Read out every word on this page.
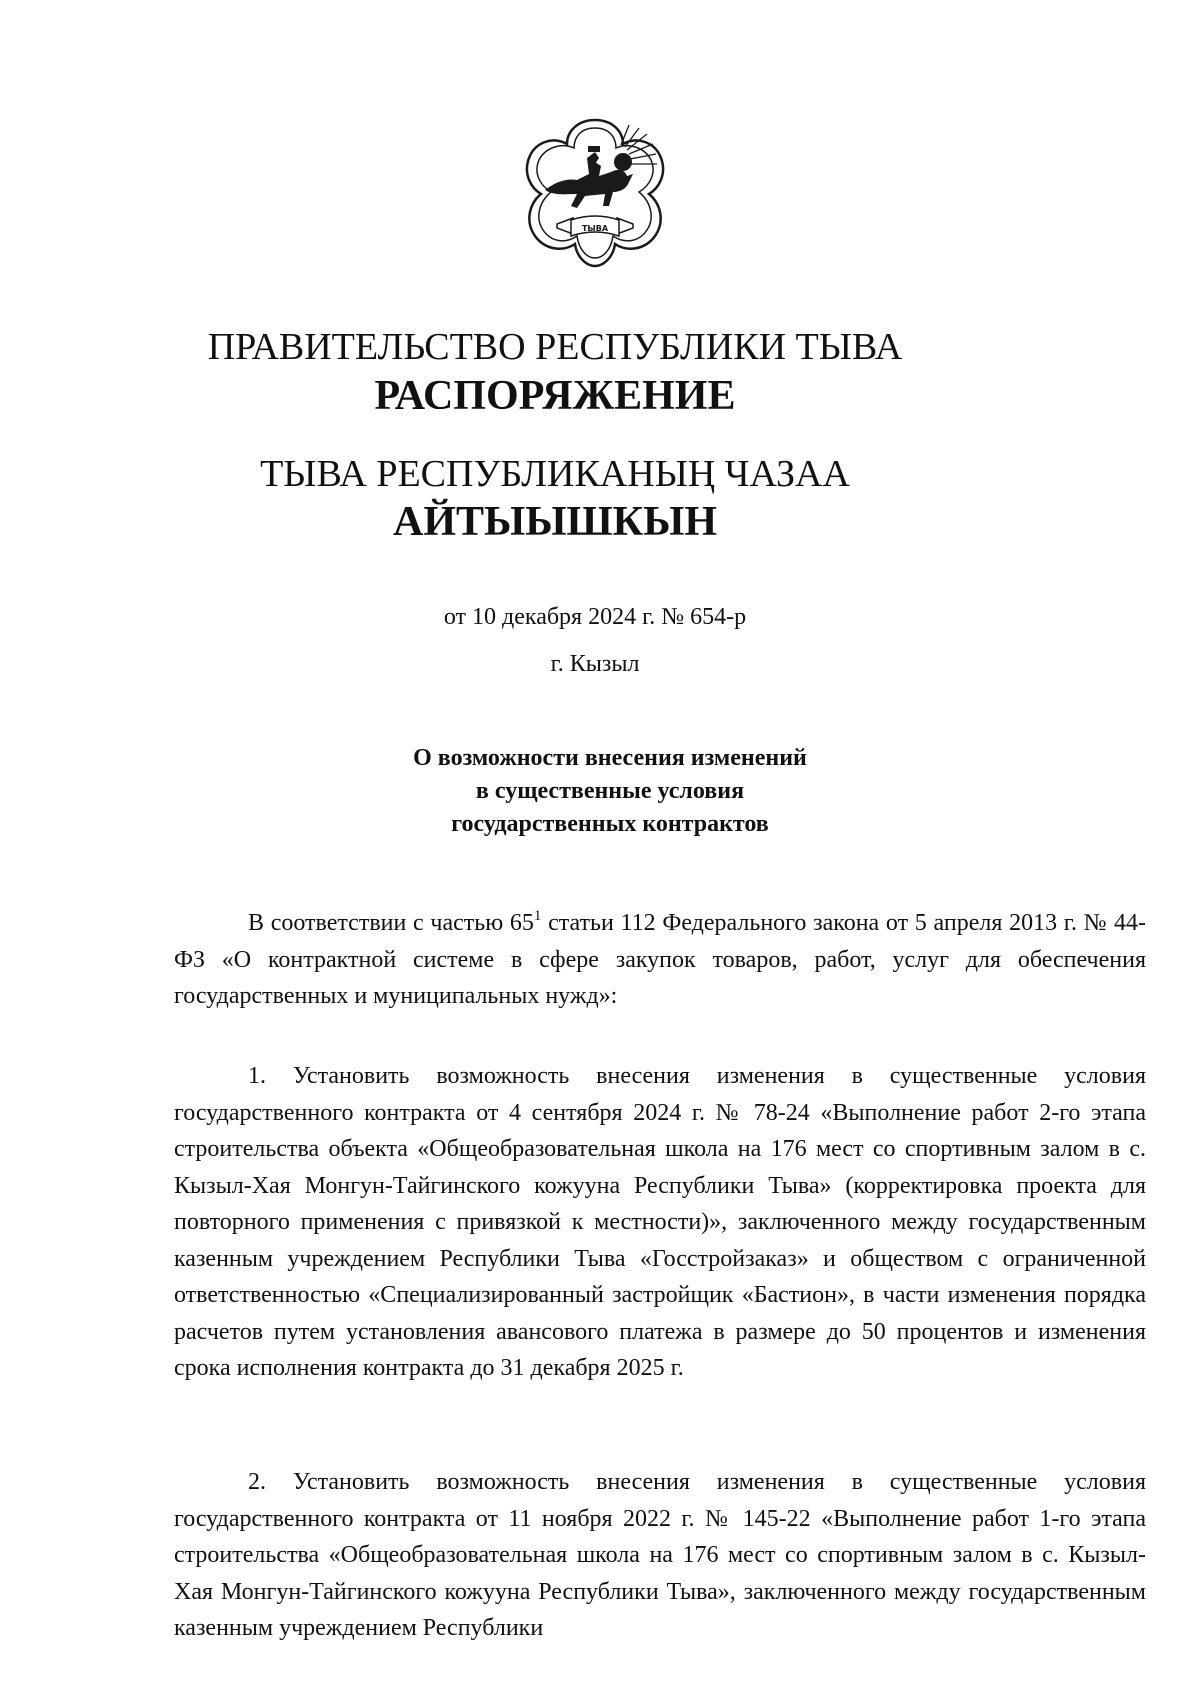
ТЫВА
ПРАВИТЕЛЬСТВО РЕСПУБЛИКИ ТЫВА
РАСПОРЯЖЕНИЕ
ТЫВА РЕСПУБЛИКАНЫҢ ЧАЗАА
АЙТЫЫШКЫН
от 10 декабря 2024 г. № 654-р
г. Кызыл
О возможности внесения изменений
в существенные условия
государственных контрактов

В соответствии с частью $65^1$ статьи 112 Федерального закона от 5 апреля 2013 г. № 44-ФЗ «О контрактной системе в сфере закупок товаров, работ, услуг для обеспечения государственных и муниципальных нужд»:

1. Установить возможность внесения изменения в существенные условия государственного контракта от 4 сентября 2024 г. № 78-24 «Выполнение работ 2-го этапа строительства объекта «Общеобразовательная школа на 176 мест со спортивным залом в с. Кызыл-Хая Монгун-Тайгинского кожууна Республики Тыва» (корректировка проекта для повторного применения с привязкой к местности)», заключенного между государственным казенным учреждением Республики Тыва «Госстройзаказ» и обществом с ограниченной ответственностью «Специализированный застройщик «Бастион», в части изменения порядка расчетов путем установления авансового платежа в размере до 50 процентов и изменения срока исполнения контракта до 31 декабря 2025 г.

2. Установить возможность внесения изменения в существенные условия государственного контракта от 11 ноября 2022 г. № 145-22 «Выполнение работ 1-го этапа строительства «Общеобразовательная школа на 176 мест со спортивным залом в с. Кызыл-Хая Монгун-Тайгинского кожууна Республики Тыва», заключенного между государственным казенным учреждением Республики
